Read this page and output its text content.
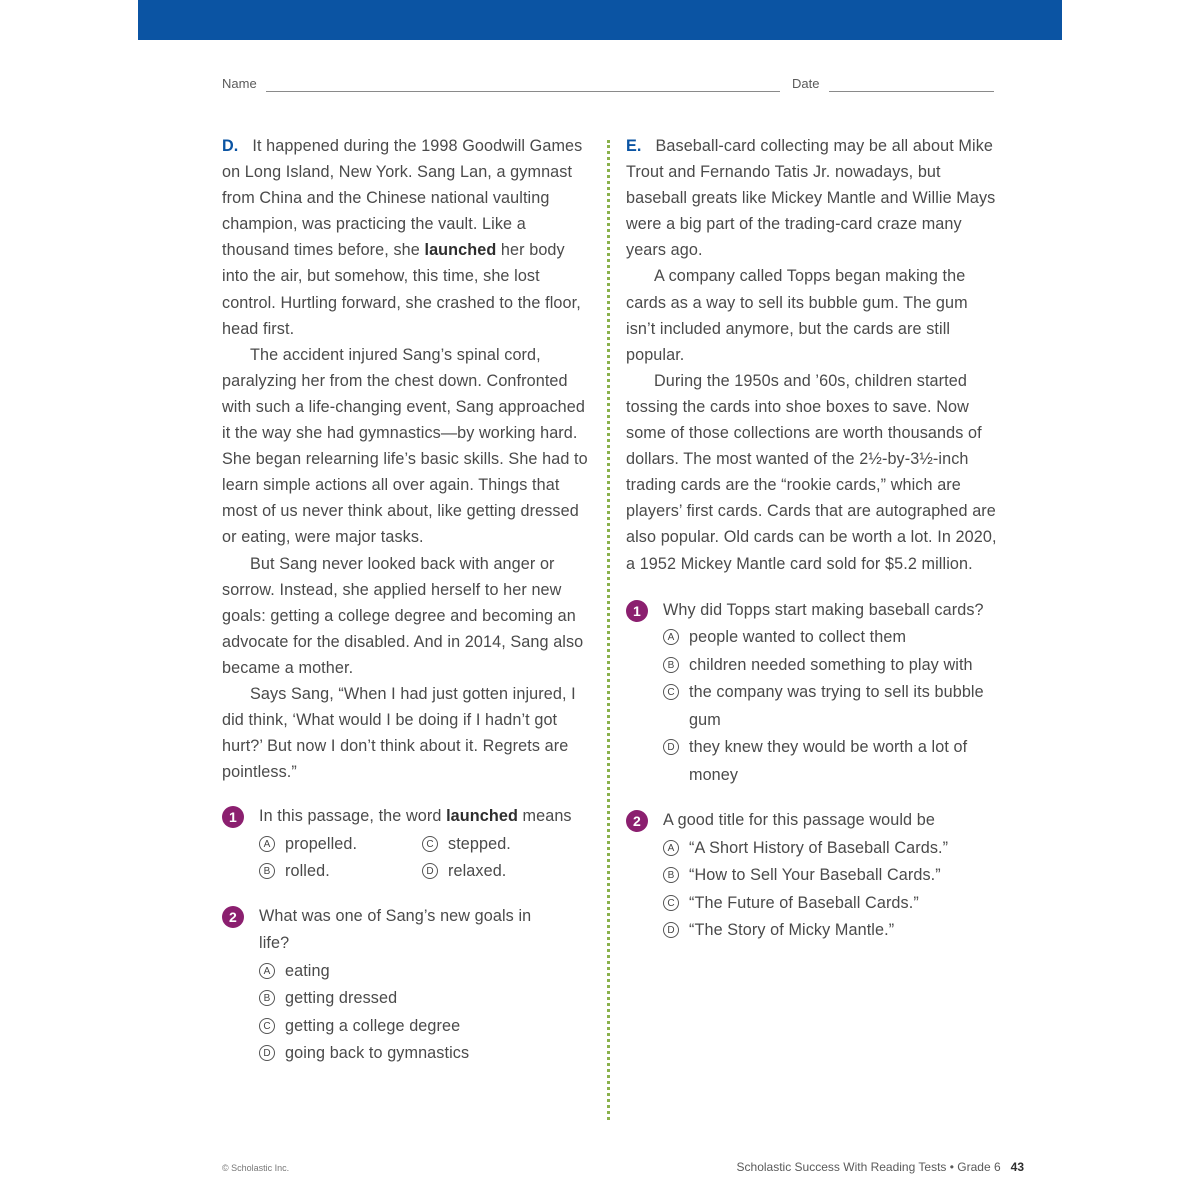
Name	Date

D. It happened during the 1998 Goodwill Games on Long Island, New York. Sang Lan, a gymnast from China and the Chinese national vaulting champion, was practicing the vault. Like a thousand times before, she launched her body into the air, but somehow, this time, she lost control. Hurtling forward, she crashed to the floor, head first.

The accident injured Sang’s spinal cord, paralyzing her from the chest down. Confronted with such a life-changing event, Sang approached it the way she had gymnastics—by working hard. She began relearning life’s basic skills. She had to learn simple actions all over again. Things that most of us never think about, like getting dressed or eating, were major tasks.

But Sang never looked back with anger or sorrow. Instead, she applied herself to her new goals: getting a college degree and becoming an advocate for the disabled. And in 2014, Sang also became a mother.

Says Sang, “When I had just gotten injured, I did think, ‘What would I be doing if I hadn’t got hurt?’ But now I don’t think about it. Regrets are pointless.”

1	In this passage, the word launched means
A propelled.	C stepped.
B rolled.	D relaxed.
2	What was one of Sang’s new goals in life?
A eating
B getting dressed
C getting a college degree
D going back to gymnastics

E. Baseball-card collecting may be all about Mike Trout and Fernando Tatis Jr. nowadays, but baseball greats like Mickey Mantle and Willie Mays were a big part of the trading-card craze many years ago.

A company called Topps began making the cards as a way to sell its bubble gum. The gum isn’t included anymore, but the cards are still popular.

During the 1950s and ’60s, children started tossing the cards into shoe boxes to save. Now some of those collections are worth thousands of dollars. The most wanted of the 2½-by-3½-inch trading cards are the “rookie cards,” which are players’ first cards. Cards that are autographed are also popular. Old cards can be worth a lot. In 2020, a 1952 Mickey Mantle card sold for $5.2 million.

1	Why did Topps start making baseball cards?
A people wanted to collect them
B children needed something to play with
C the company was trying to sell its bubble gum
D they knew they would be worth a lot of money
2	A good title for this passage would be
A “A Short History of Baseball Cards.”
B “How to Sell Your Baseball Cards.”
C “The Future of Baseball Cards.”
D “The Story of Micky Mantle.”
© Scholastic Inc.	Scholastic Success With Reading Tests • Grade 6 43
